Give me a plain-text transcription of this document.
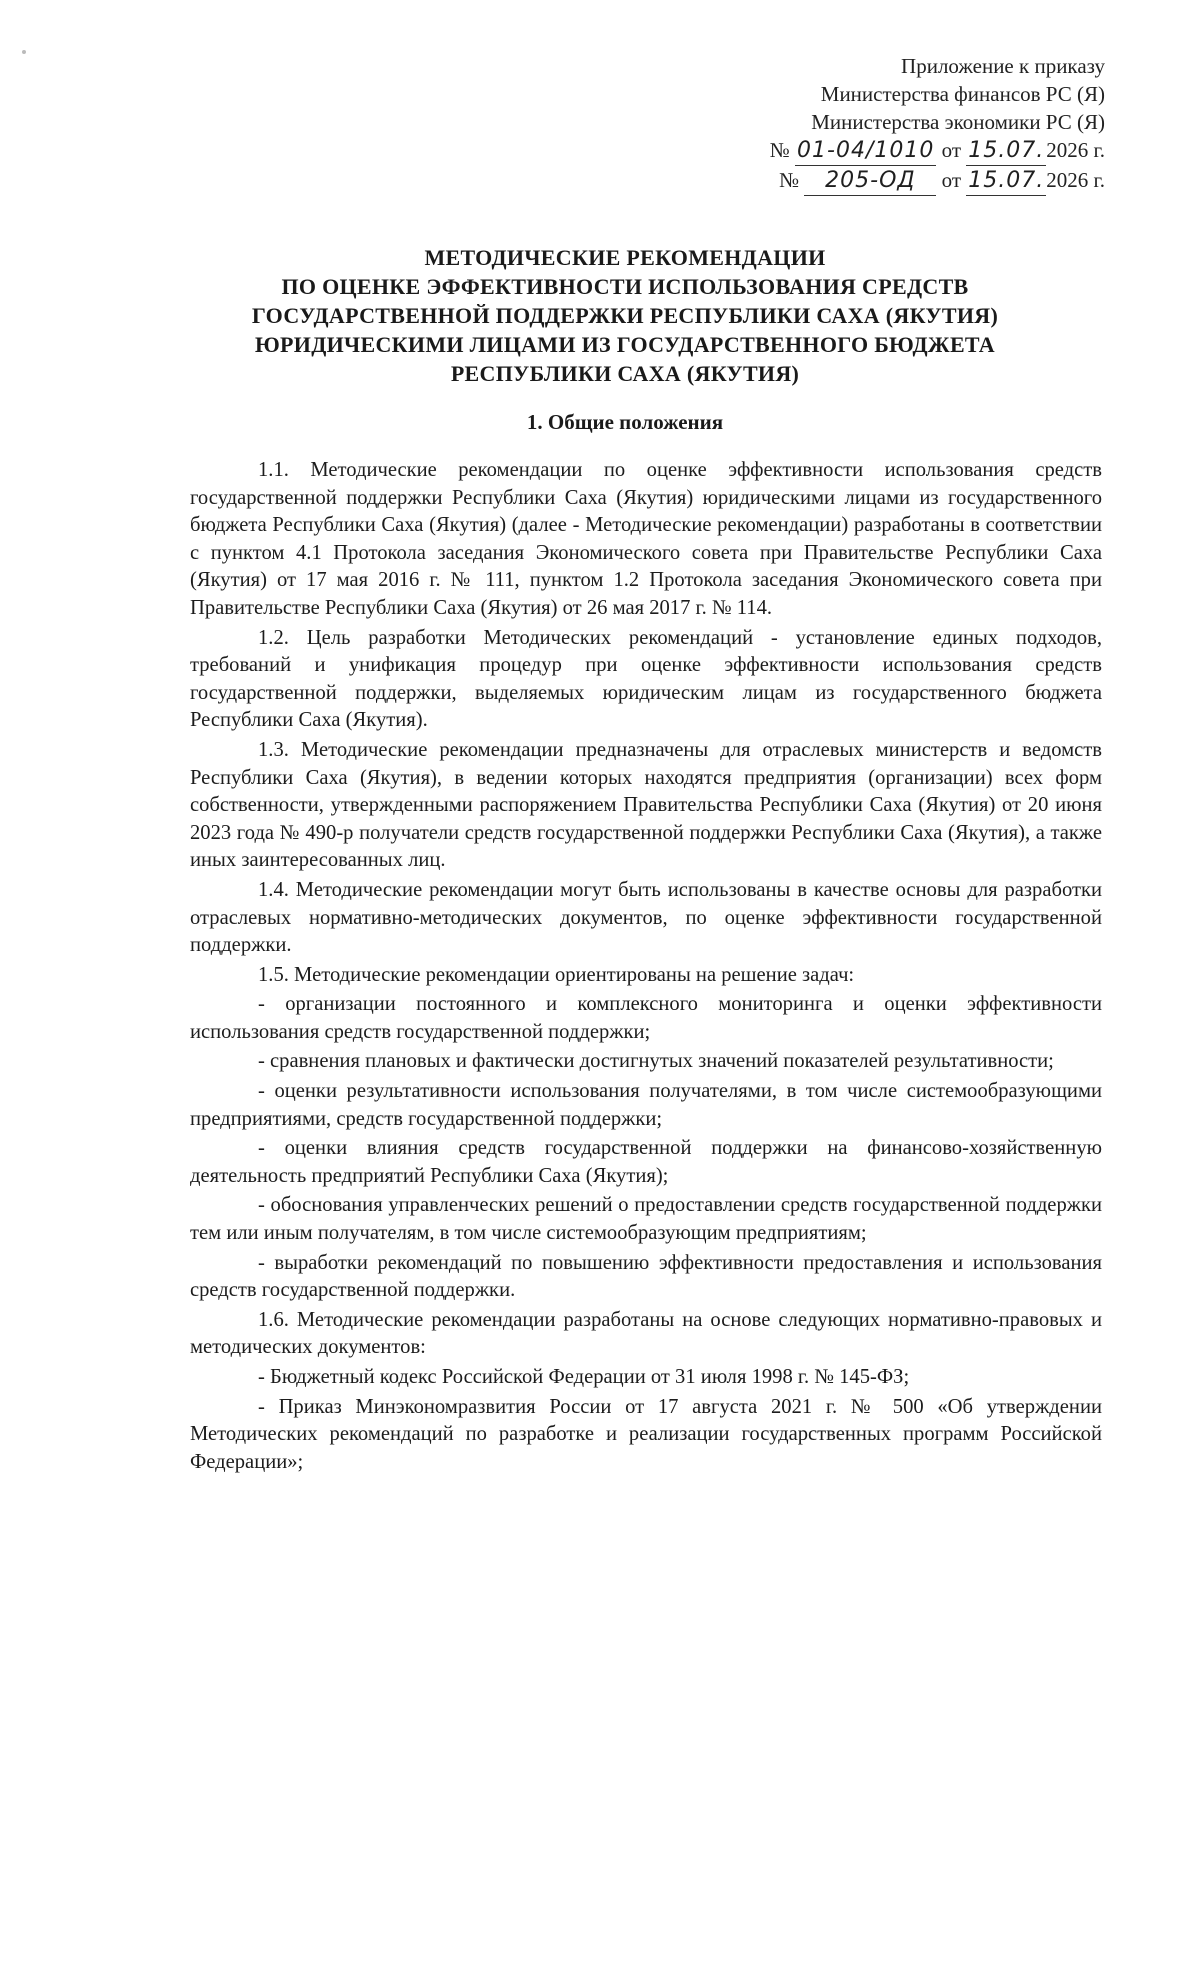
Приложение к приказу
Министерства финансов РС (Я)
Министерства экономики РС (Я)
№ 01-04/1010 от 15.07.2026 г.
№ 205-ОД от 15.07.2026 г.
МЕТОДИЧЕСКИЕ РЕКОМЕНДАЦИИ
ПО ОЦЕНКЕ ЭФФЕКТИВНОСТИ ИСПОЛЬЗОВАНИЯ СРЕДСТВ
ГОСУДАРСТВЕННОЙ ПОДДЕРЖКИ РЕСПУБЛИКИ САХА (ЯКУТИЯ)
ЮРИДИЧЕСКИМИ ЛИЦАМИ ИЗ ГОСУДАРСТВЕННОГО БЮДЖЕТА
РЕСПУБЛИКИ САХА (ЯКУТИЯ)
1. Общие положения

1.1. Методические рекомендации по оценке эффективности использования средств государственной поддержки Республики Саха (Якутия) юридическими лицами из государственного бюджета Республики Саха (Якутия) (далее - Методические рекомендации) разработаны в соответствии с пунктом 4.1 Протокола заседания Экономического совета при Правительстве Республики Саха (Якутия) от 17 мая 2016 г. № 111, пунктом 1.2 Протокола заседания Экономического совета при Правительстве Республики Саха (Якутия) от 26 мая 2017 г. № 114.

1.2. Цель разработки Методических рекомендаций - установление единых подходов, требований и унификация процедур при оценке эффективности использования средств государственной поддержки, выделяемых юридическим лицам из государственного бюджета Республики Саха (Якутия).

1.3. Методические рекомендации предназначены для отраслевых министерств и ведомств Республики Саха (Якутия), в ведении которых находятся предприятия (организации) всех форм собственности, утвержденными распоряжением Правительства Республики Саха (Якутия) от 20 июня 2023 года № 490-р получатели средств государственной поддержки Республики Саха (Якутия), а также иных заинтересованных лиц.

1.4. Методические рекомендации могут быть использованы в качестве основы для разработки отраслевых нормативно-методических документов, по оценке эффективности государственной поддержки.

1.5. Методические рекомендации ориентированы на решение задач:

- организации постоянного и комплексного мониторинга и оценки эффективности использования средств государственной поддержки;

- сравнения плановых и фактически достигнутых значений показателей результативности;

- оценки результативности использования получателями, в том числе системообразующими предприятиями, средств государственной поддержки;

- оценки влияния средств государственной поддержки на финансово-хозяйственную деятельность предприятий Республики Саха (Якутия);

- обоснования управленческих решений о предоставлении средств государственной поддержки тем или иным получателям, в том числе системообразующим предприятиям;

- выработки рекомендаций по повышению эффективности предоставления и использования средств государственной поддержки.

1.6. Методические рекомендации разработаны на основе следующих нормативно-правовых и методических документов:

- Бюджетный кодекс Российской Федерации от 31 июля 1998 г. № 145-ФЗ;

- Приказ Минэкономразвития России от 17 августа 2021 г. № 500 «Об утверждении Методических рекомендаций по разработке и реализации государственных программ Российской Федерации»;
